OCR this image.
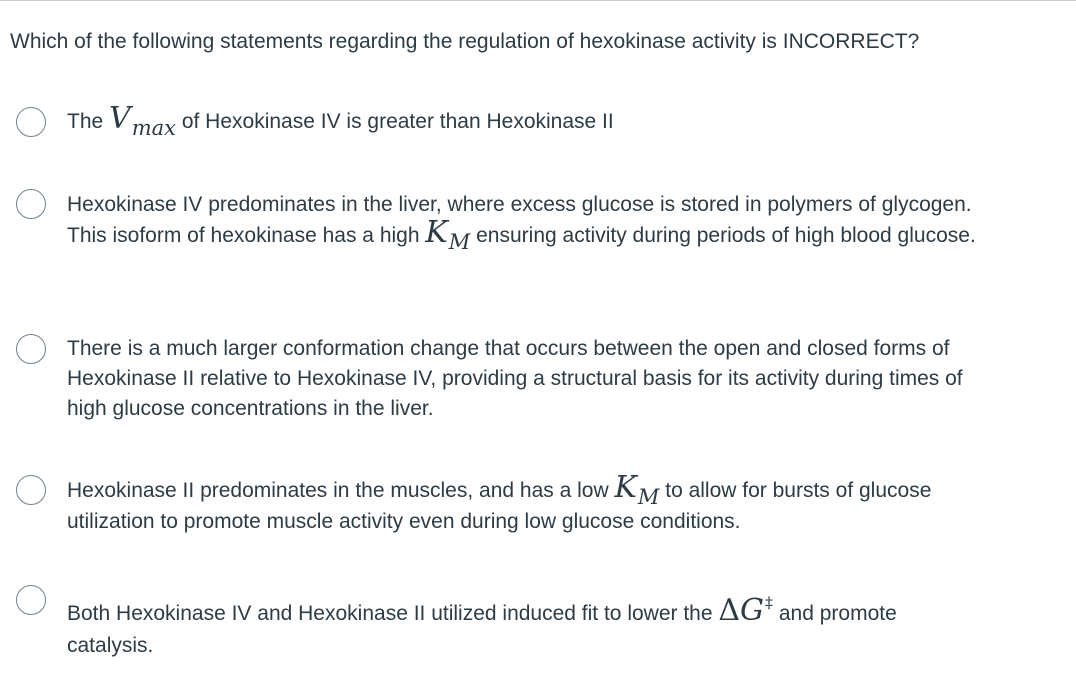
Which of the following statements regarding the regulation of hexokinase activity is INCORRECT?
The Vmax of Hexokinase IV is greater than Hexokinase II
Hexokinase IV predominates in the liver, where excess glucose is stored in polymers of glycogen. This isoform of hexokinase has a high KM ensuring activity during periods of high blood glucose.
There is a much larger conformation change that occurs between the open and closed forms of Hexokinase II relative to Hexokinase IV, providing a structural basis for its activity during times of high glucose concentrations in the liver.
Hexokinase II predominates in the muscles, and has a low KM to allow for bursts of glucose utilization to promote muscle activity even during low glucose conditions.
Both Hexokinase IV and Hexokinase II utilized induced fit to lower the ΔG‡ and promote catalysis.
